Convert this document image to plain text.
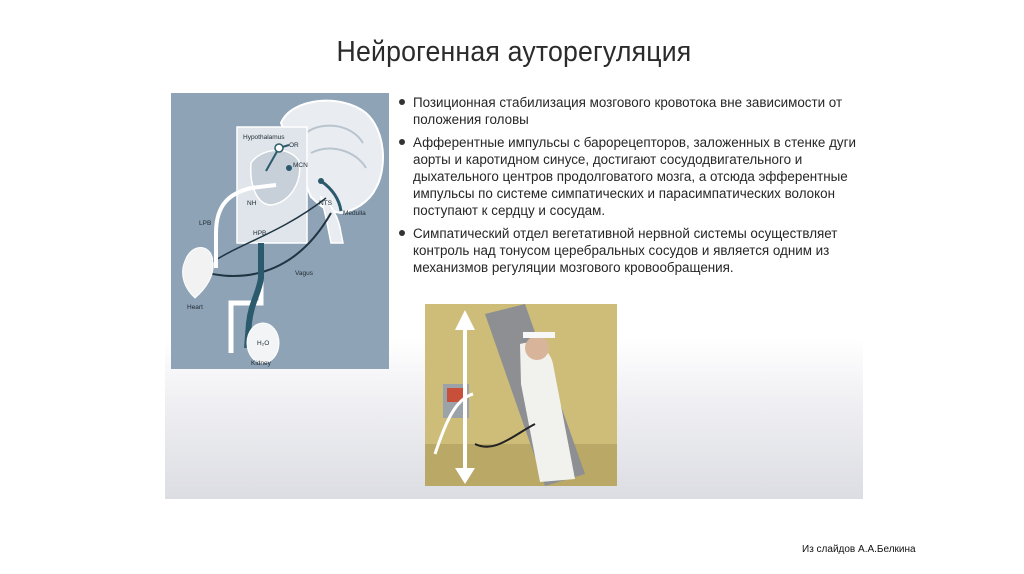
Нейрогенная ауторегуляция
Hypothalamus
OR
MCN
NH	NTS
Medulla
LPB
HPB
Vagus
Heart
H₂O
Kidney
Позиционная стабилизация мозгового кровотока вне зависимости от положения головы
Афферентные импульсы с барорецепторов, заложенных в стенке дуги аорты и каротидном синусе, достигают сосудодвигательного и дыхательного центров продолговатого мозга, а отсюда эфферентные импульсы по системе симпатических и парасимпатических волокон поступают к сердцу и сосудам.
Симпатический отдел вегетативной нервной системы осуществляет контроль над тонусом церебральных сосудов и является одним из механизмов регуляции мозгового кровообращения.
Из слайдов А.А.Белкина
